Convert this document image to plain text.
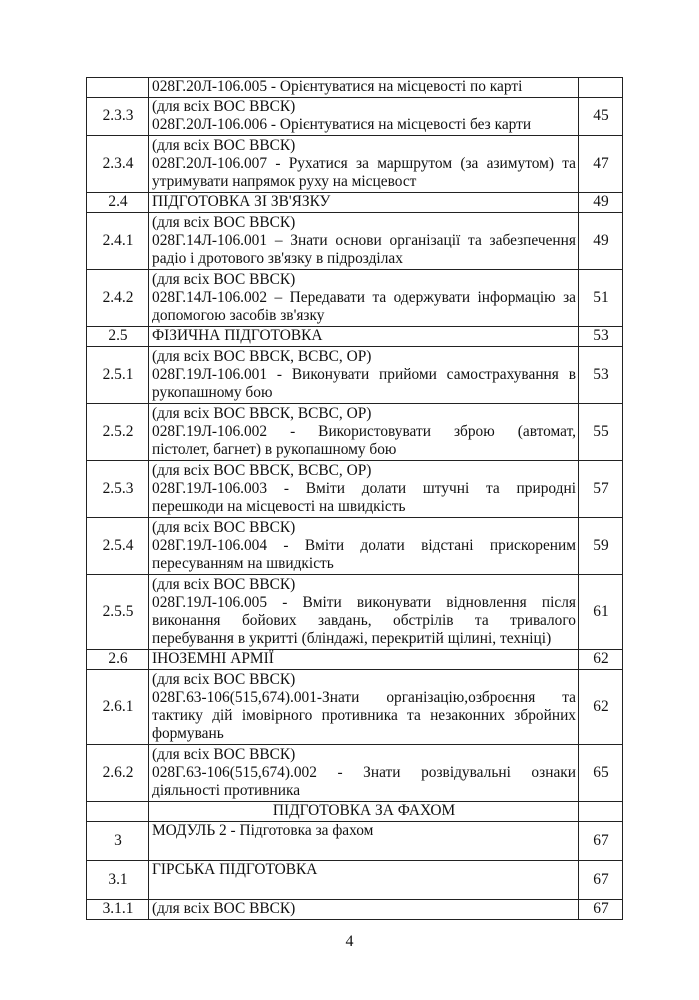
	028Г.20Л-106.005 - Орієнтуватися на місцевості по карті	

2.3.3	(для всіх ВОС ВВСК)
028Г.20Л-106.006 - Орієнтуватися на місцевості без карти	45
2.3.4	(для всіх ВОС ВВСК)
028Г.20Л-106.007 - Рухатися за маршрутом (за азимутом) та
утримувати напрямок руху на місцевост	47
2.4	ПІДГОТОВКА ЗІ ЗВ'ЯЗКУ	49
2.4.1	(для всіх ВОС ВВСК)
028Г.14Л-106.001 – Знати основи організації та забезпечення
радіо і дротового зв'язку в підрозділах	49
2.4.2	(для всіх ВОС ВВСК)
028Г.14Л-106.002 – Передавати та одержувати інформацію за
допомогою засобів зв'язку	51
2.5	ФІЗИЧНА ПІДГОТОВКА	53
2.5.1	(для всіх ВОС ВВСК, ВСВС, ОР)
028Г.19Л-106.001 - Виконувати прийоми самострахування в
рукопашному бою	53
2.5.2	(для всіх ВОС ВВСК, ВСВС, ОР)
028Г.19Л-106.002 - Використовувати зброю (автомат,
пістолет, багнет) в рукопашному бою	55
2.5.3	(для всіх ВОС ВВСК, ВСВС, ОР)
028Г.19Л-106.003 - Вміти долати штучні та природні
перешкоди на місцевості на швидкість	57
2.5.4	(для всіх ВОС ВВСК)
028Г.19Л-106.004 - Вміти долати відстані прискореним
пересуванням на швидкість	59
2.5.5	(для всіх ВОС ВВСК)
028Г.19Л-106.005 - Вміти виконувати відновлення після
виконання бойових завдань, обстрілів та тривалого
перебування в укритті (бліндажі, перекритій щілині, техніці)	61
2.6	ІНОЗЕМНІ АРМІЇ	62
2.6.1	(для всіх ВОС ВВСК)
028Г.63-106(515,674).001-Знати організацію,озброєння та
тактику дій імовірного противника та незаконних збройних
формувань	62
2.6.2	(для всіх ВОС ВВСК)
028Г.63-106(515,674).002 - Знати розвідувальні ознаки
діяльності противника	65

	ПІДГОТОВКА ЗА ФАХОМ	

3	МОДУЛЬ 2 - Підготовка за фахом	67
3.1	ГІРСЬКА ПІДГОТОВКА	67
3.1.1	(для всіх ВОС ВВСК)	67
4
